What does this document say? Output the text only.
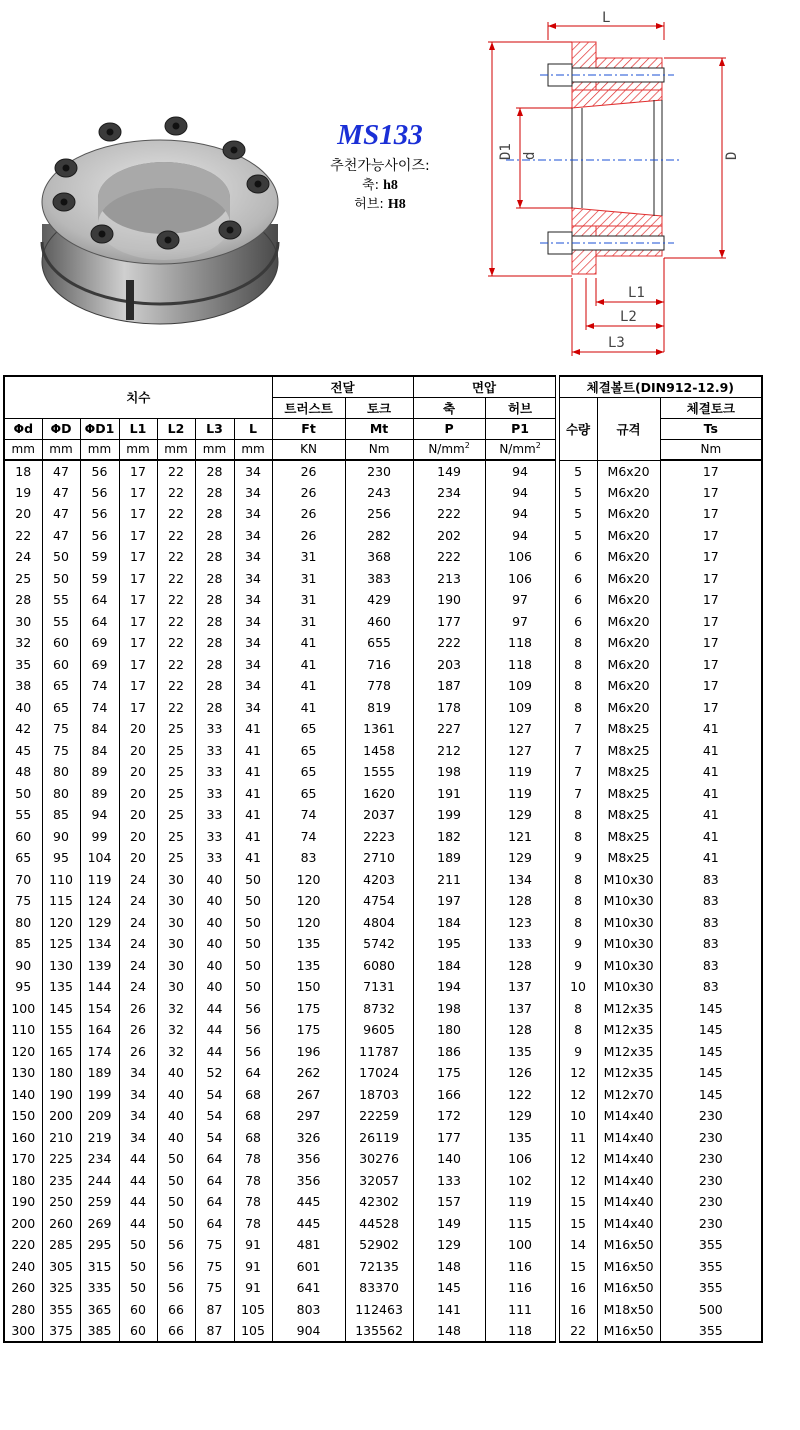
MS133
추천가능사이즈:
축: h8
허브: H8
L
D1 d	D
L1
L2
L3
치수							전달		면압			체결볼트(DIN912-12.9)		
							트러스트	토크	축	허브		수량	규격	체결토크
Φd	ΦD	ΦD1	L1	L2	L3	L	Ft	Mt	P	P1				Ts
mm	mm	mm	mm	mm	mm	mm	KN	Nm	$N/mm^2$	$N/mm^2$				Nm
18	47	56	17	22	28	34	26	230	149	94		5	M6x20	17
19	47	56	17	22	28	34	26	243	234	94		5	M6x20	17
20	47	56	17	22	28	34	26	256	222	94		5	M6x20	17
22	47	56	17	22	28	34	26	282	202	94		5	M6x20	17
24	50	59	17	22	28	34	31	368	222	106		6	M6x20	17
25	50	59	17	22	28	34	31	383	213	106		6	M6x20	17
28	55	64	17	22	28	34	31	429	190	97		6	M6x20	17
30	55	64	17	22	28	34	31	460	177	97		6	M6x20	17
32	60	69	17	22	28	34	41	655	222	118		8	M6x20	17
35	60	69	17	22	28	34	41	716	203	118		8	M6x20	17
38	65	74	17	22	28	34	41	778	187	109		8	M6x20	17
40	65	74	17	22	28	34	41	819	178	109		8	M6x20	17
42	75	84	20	25	33	41	65	1361	227	127		7	M8x25	41
45	75	84	20	25	33	41	65	1458	212	127		7	M8x25	41
48	80	89	20	25	33	41	65	1555	198	119		7	M8x25	41
50	80	89	20	25	33	41	65	1620	191	119		7	M8x25	41
55	85	94	20	25	33	41	74	2037	199	129		8	M8x25	41
60	90	99	20	25	33	41	74	2223	182	121		8	M8x25	41
65	95	104	20	25	33	41	83	2710	189	129		9	M8x25	41
70	110	119	24	30	40	50	120	4203	211	134		8	M10x30	83
75	115	124	24	30	40	50	120	4754	197	128		8	M10x30	83
80	120	129	24	30	40	50	120	4804	184	123		8	M10x30	83
85	125	134	24	30	40	50	135	5742	195	133		9	M10x30	83
90	130	139	24	30	40	50	135	6080	184	128		9	M10x30	83
95	135	144	24	30	40	50	150	7131	194	137		10	M10x30	83
100	145	154	26	32	44	56	175	8732	198	137		8	M12x35	145
110	155	164	26	32	44	56	175	9605	180	128		8	M12x35	145
120	165	174	26	32	44	56	196	11787	186	135		9	M12x35	145
130	180	189	34	40	52	64	262	17024	175	126		12	M12x35	145
140	190	199	34	40	54	68	267	18703	166	122		12	M12x70	145
150	200	209	34	40	54	68	297	22259	172	129		10	M14x40	230
160	210	219	34	40	54	68	326	26119	177	135		11	M14x40	230
170	225	234	44	50	64	78	356	30276	140	106		12	M14x40	230
180	235	244	44	50	64	78	356	32057	133	102		12	M14x40	230
190	250	259	44	50	64	78	445	42302	157	119		15	M14x40	230
200	260	269	44	50	64	78	445	44528	149	115		15	M14x40	230
220	285	295	50	56	75	91	481	52902	129	100		14	M16x50	355
240	305	315	50	56	75	91	601	72135	148	116		15	M16x50	355
260	325	335	50	56	75	91	641	83370	145	116		16	M16x50	355
280	355	365	60	66	87	105	803	112463	141	111		16	M18x50	500
300	375	385	60	66	87	105	904	135562	148	118		22	M16x50	355
